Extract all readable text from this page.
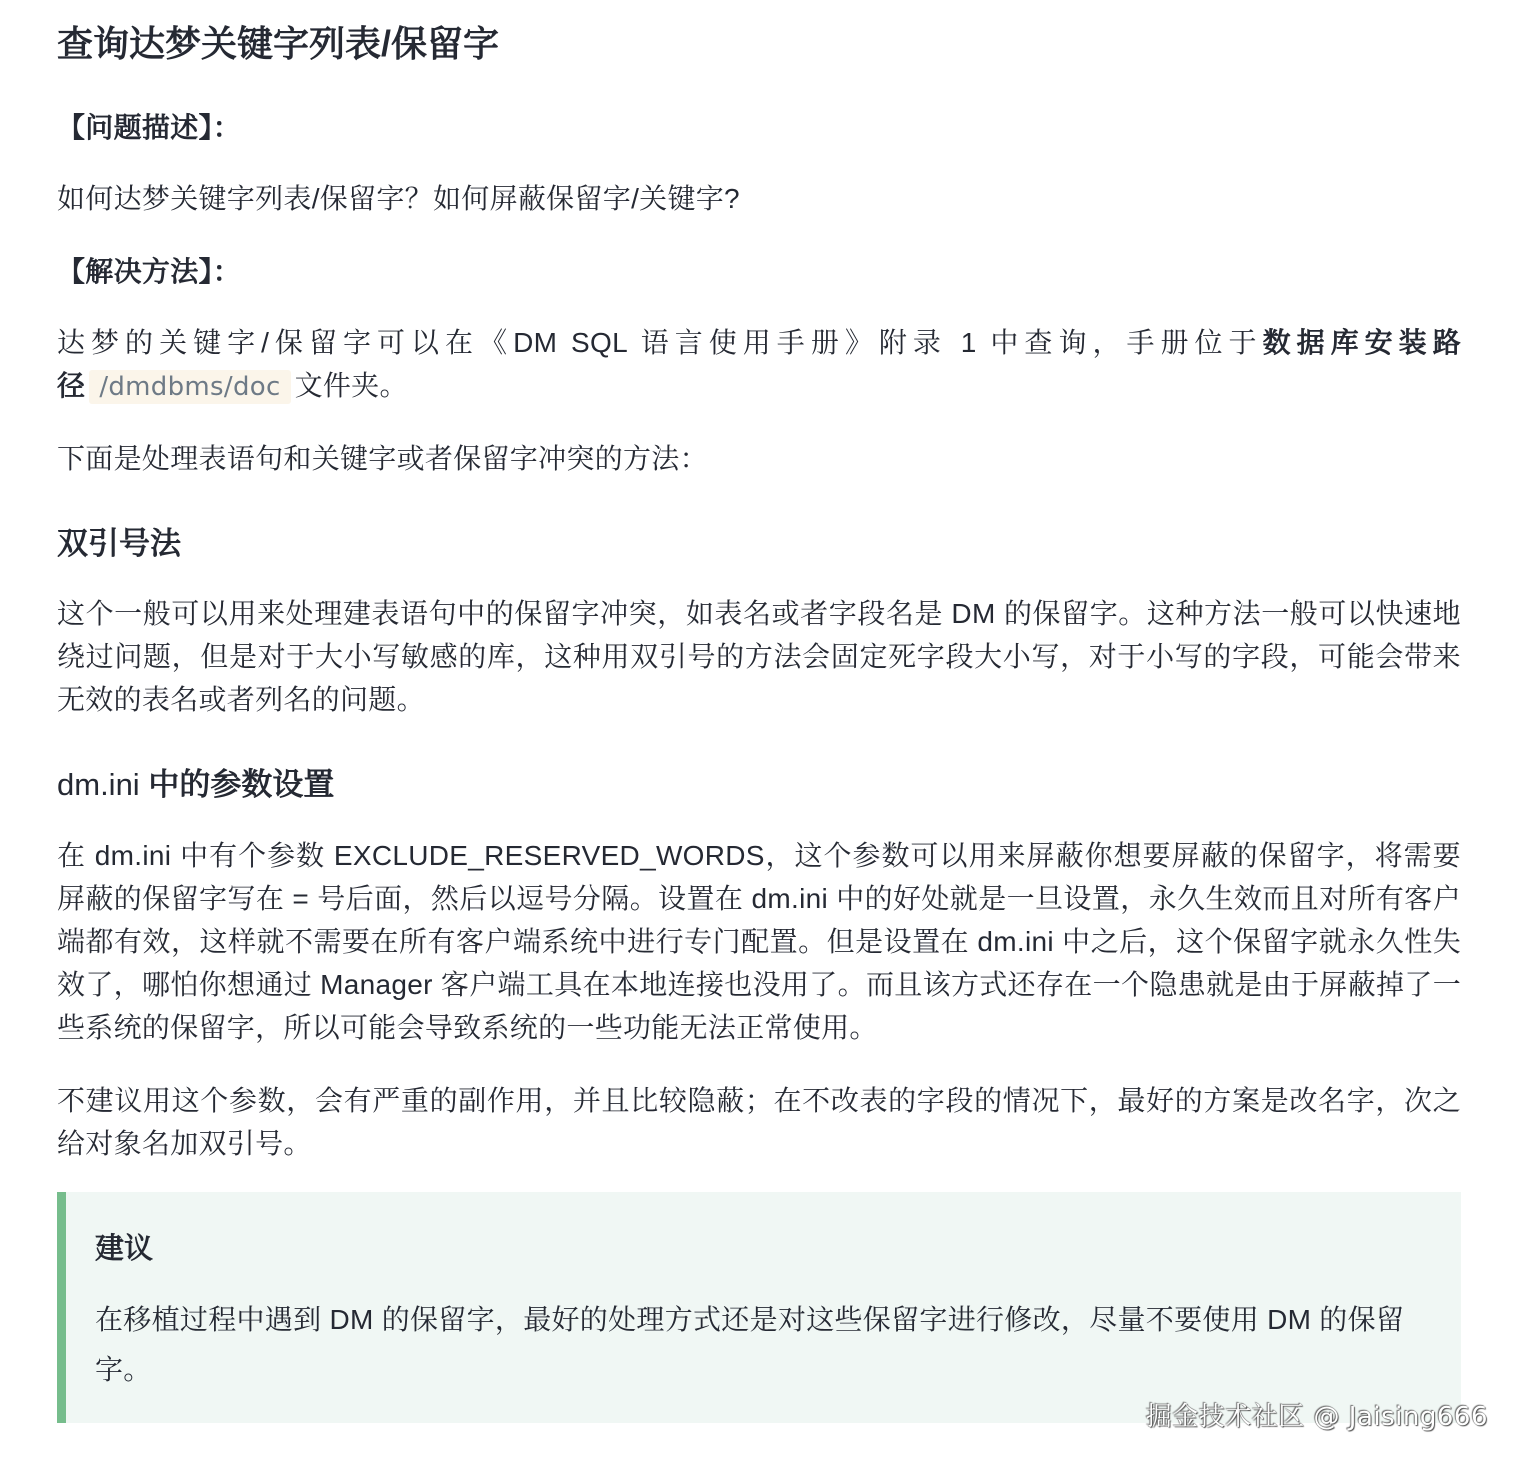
查询达梦关键字列表/保留字
【问题描述】：
如何达梦关键字列表/保留字？如何屏蔽保留字/关键字?
【解决方法】：
达梦的关键字/保留字可以在《DM SQL 语言使用手册》附录 1 中查询，手册位于数据库安装路径 /dmdbms/doc 文件夹。
下面是处理表语句和关键字或者保留字冲突的方法：
双引号法
这个一般可以用来处理建表语句中的保留字冲突，如表名或者字段名是 DM 的保留字。这种方法一般可以快速地绕过问题，但是对于大小写敏感的库，这种用双引号的方法会固定死字段大小写，对于小写的字段，可能会带来无效的表名或者列名的问题。
dm.ini 中的参数设置
在 dm.ini 中有个参数 EXCLUDE_RESERVED_WORDS，这个参数可以用来屏蔽你想要屏蔽的保留字，将需要屏蔽的保留字写在 = 号后面，然后以逗号分隔。设置在 dm.ini 中的好处就是一旦设置，永久生效而且对所有客户端都有效，这样就不需要在所有客户端系统中进行专门配置。但是设置在 dm.ini 中之后，这个保留字就永久性失效了，哪怕你想通过 Manager 客户端工具在本地连接也没用了。而且该方式还存在一个隐患就是由于屏蔽掉了一些系统的保留字，所以可能会导致系统的一些功能无法正常使用。
不建议用这个参数，会有严重的副作用，并且比较隐蔽；在不改表的字段的情况下，最好的方案是改名字，次之给对象名加双引号。
建议
在移植过程中遇到 DM 的保留字，最好的处理方式还是对这些保留字进行修改，尽量不要使用 DM 的保留字。
掘金技术社区 @ Jaising666
